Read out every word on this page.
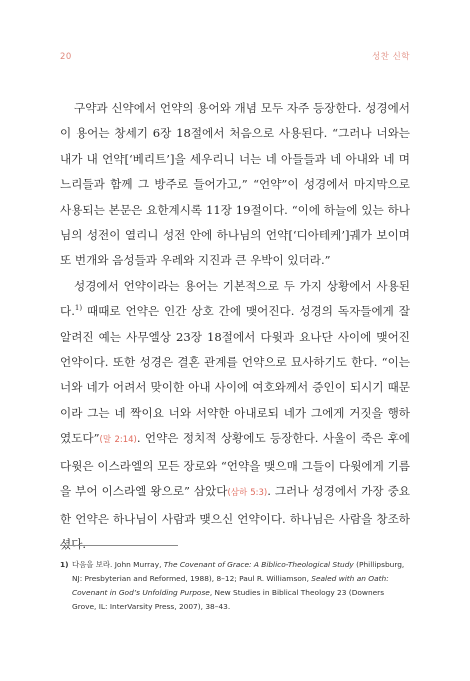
20	성찬 신학

구약과 신약에서 언약의 용어와 개념 모두 자주 등장한다. 성경에서 이 용어는 창세기 6장 18절에서 처음으로 사용된다. “그러나 너와는 내가 내 언약[‘베리트’]을 세우리니 너는 네 아들들과 네 아내와 네 며느리들과 함께 그 방주로 들어가고,” “언약”이 성경에서 마지막으로 사용되는 본문은 요한계시록 11장 19절이다. “이에 하늘에 있는 하나님의 성전이 열리니 성전 안에 하나님의 언약[‘디아테케’]궤가 보이며 또 번개와 음성들과 우레와 지진과 큰 우박이 있더라.”

성경에서 언약이라는 용어는 기본적으로 두 가지 상황에서 사용된다.$^{1)}$ 때때로 언약은 인간 상호 간에 맺어진다. 성경의 독자들에게 잘 알려진 예는 사무엘상 23장 18절에서 다윗과 요나단 사이에 맺어진 언약이다. 또한 성경은 결혼 관계를 언약으로 묘사하기도 한다. “이는 너와 네가 어려서 맞이한 아내 사이에 여호와께서 증인이 되시기 때문이라 그는 네 짝이요 너와 서약한 아내로되 네가 그에게 거짓을 행하였도다”(말 2:14). 언약은 정치적 상황에도 등장한다. 사울이 죽은 후에 다윗은 이스라엘의 모든 장로와 “언약을 맺으매 그들이 다윗에게 기름을 부어 이스라엘 왕으로” 삼았다(삼하 5:3). 그러나 성경에서 가장 중요한 언약은 하나님이 사람과 맺으신 언약이다. 하나님은 사람을 창조하셨다.

1) 다음을 보라. John Murray, The Covenant of Grace: A Biblico-Theological Study (Phillipsburg, NJ: Presbyterian and Reformed, 1988), 8–12; Paul R. Williamson, Sealed with an Oath: Covenant in God’s Unfolding Purpose, New Studies in Biblical Theology 23 (Downers Grove, IL: InterVarsity Press, 2007), 38–43.
